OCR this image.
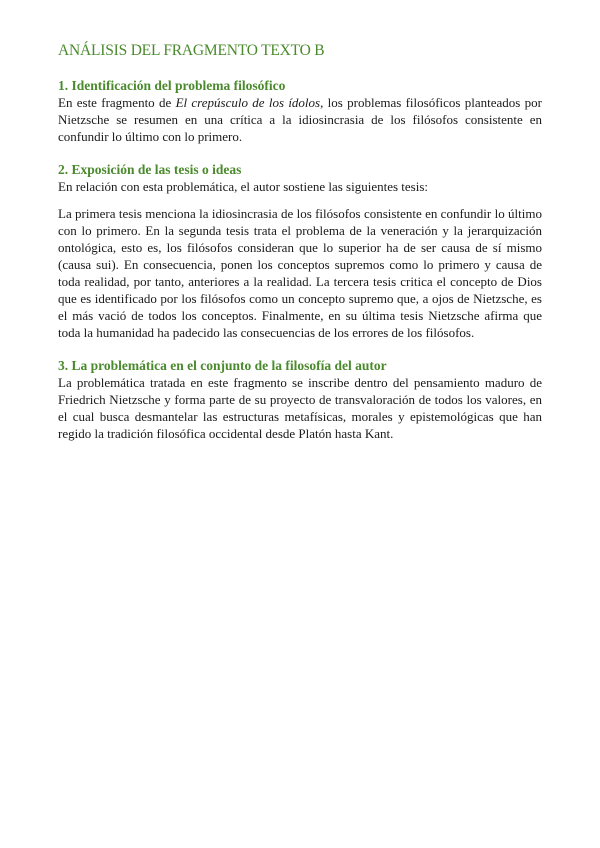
ANÁLISIS DEL FRAGMENTO TEXTO B
1. Identificación del problema filosófico

En este fragmento de El crepúsculo de los ídolos, los problemas filosóficos planteados por Nietzsche se resumen en una crítica a la idiosincrasia de los filósofos consistente en confundir lo último con lo primero.

2. Exposición de las tesis o ideas

En relación con esta problemática, el autor sostiene las siguientes tesis:

La primera tesis menciona la idiosincrasia de los filósofos consistente en confundir lo último con lo primero. En la segunda tesis trata el problema de la veneración y la jerarquización ontológica, esto es, los filósofos consideran que lo superior ha de ser causa de sí mismo (causa sui). En consecuencia, ponen los conceptos supremos como lo primero y causa de toda realidad, por tanto, anteriores a la realidad. La tercera tesis critica el concepto de Dios que es identificado por los filósofos como un concepto supremo que, a ojos de Nietzsche, es el más vació de todos los conceptos. Finalmente, en su última tesis Nietzsche afirma que toda la humanidad ha padecido las consecuencias de los errores de los filósofos.

3. La problemática en el conjunto de la filosofía del autor

La problemática tratada en este fragmento se inscribe dentro del pensamiento maduro de Friedrich Nietzsche y forma parte de su proyecto de transvaloración de todos los valores, en el cual busca desmantelar las estructuras metafísicas, morales y epistemológicas que han regido la tradición filosófica occidental desde Platón hasta Kant.
